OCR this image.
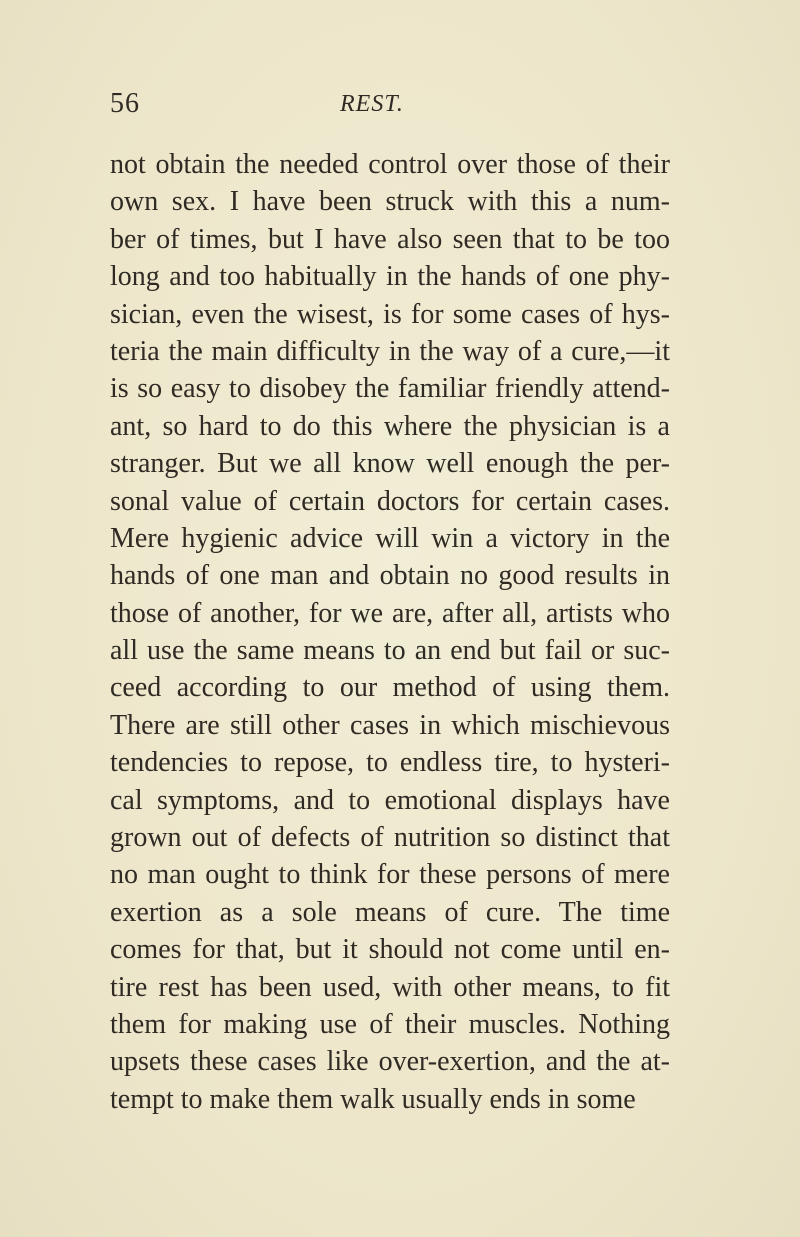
56	REST.
not obtain the needed control over those of their
own sex. I have been struck with this a num-
ber of times, but I have also seen that to be too
long and too habitually in the hands of one phy-
sician, even the wisest, is for some cases of hys-
teria the main difficulty in the way of a cure,—it
is so easy to disobey the familiar friendly attend-
ant, so hard to do this where the physician is a
stranger. But we all know well enough the per-
sonal value of certain doctors for certain cases.
Mere hygienic advice will win a victory in the
hands of one man and obtain no good results in
those of another, for we are, after all, artists who
all use the same means to an end but fail or suc-
ceed according to our method of using them.
There are still other cases in which mischievous
tendencies to repose, to endless tire, to hysteri-
cal symptoms, and to emotional displays have
grown out of defects of nutrition so distinct that
no man ought to think for these persons of mere
exertion as a sole means of cure. The time
comes for that, but it should not come until en-
tire rest has been used, with other means, to fit
them for making use of their muscles. Nothing
upsets these cases like over-exertion, and the at-
tempt to make them walk usually ends in some
